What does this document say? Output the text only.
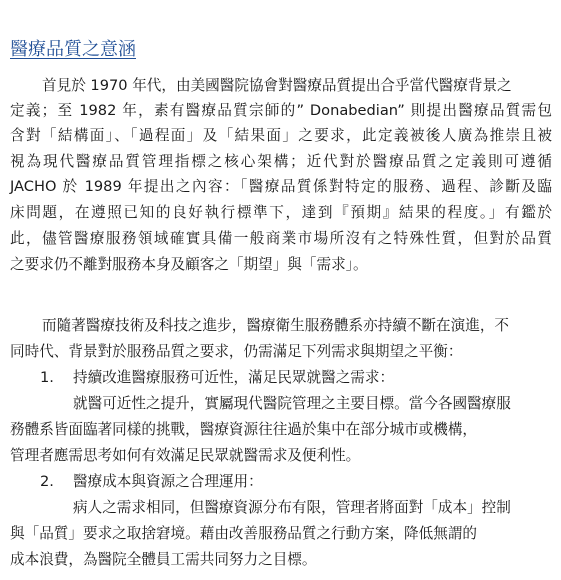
醫療品質之意涵
首見於 1970 年代，由美國醫院協會對醫療品質提出合乎當代醫療背景之
定義；至 1982 年，素有醫療品質宗師的” Donabedian” 則提出醫療品質需包
含對「結構面」、「過程面」及「結果面」之要求，此定義被後人廣為推崇且被
視為現代醫療品質管理指標之核心架構；近代對於醫療品質之定義則可遵循
JACHO 於 1989 年提出之內容：「醫療品質係對特定的服務、過程、診斷及臨
床問題，在遵照已知的良好執行標準下，達到『預期』結果的程度。」有鑑於
此，儘管醫療服務領域確實具備一般商業市場所沒有之特殊性質，但對於品質
之要求仍不離對服務本身及顧客之「期望」與「需求」。
而隨著醫療技術及科技之進步，醫療衛生服務體系亦持續不斷在演進，不
同時代、背景對於服務品質之要求，仍需滿足下列需求與期望之平衡：
1. 持續改進醫療服務可近性，滿足民眾就醫之需求：
就醫可近性之提升，實屬現代醫院管理之主要目標。當今各國醫療服
務體系皆面臨著同樣的挑戰，醫療資源往往過於集中在部分城市或機構，
管理者應需思考如何有效滿足民眾就醫需求及便利性。
2. 醫療成本與資源之合理運用：
病人之需求相同，但醫療資源分布有限，管理者將面對「成本」控制
與「品質」要求之取捨窘境。藉由改善服務品質之行動方案，降低無謂的
成本浪費，為醫院全體員工需共同努力之目標。
